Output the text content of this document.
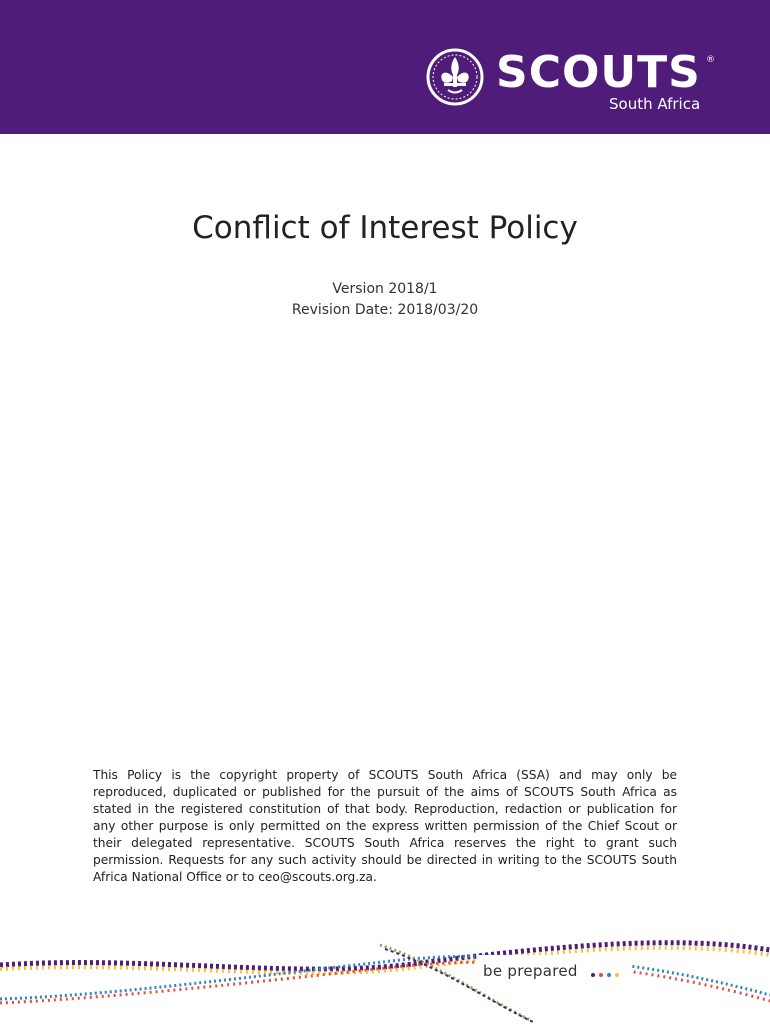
SCOUTS ®
South Africa
Conflict of Interest Policy
Version 2018/1
Revision Date: 2018/03/20

This Policy is the copyright property of SCOUTS South Africa (SSA) and may only be reproduced, duplicated or published for the pursuit of the aims of SCOUTS South Africa as stated in the registered constitution of that body. Reproduction, redaction or publication for any other purpose is only permitted on the express written permission of the Chief Scout or their delegated representative. SCOUTS South Africa reserves the right to grant such permission. Requests for any such activity should be directed in writing to the SCOUTS South Africa National Office or to ceo@scouts.org.za.

be prepared
